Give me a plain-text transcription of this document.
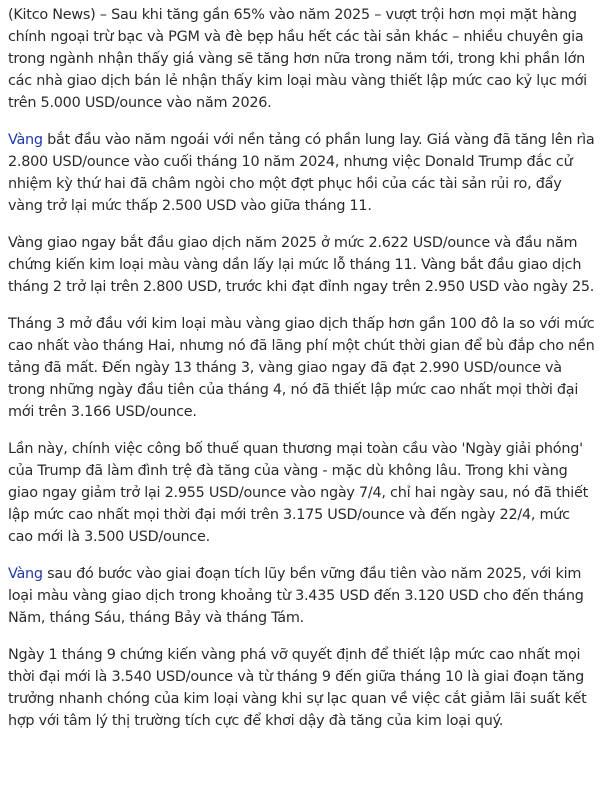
(Kitco News) – Sau khi tăng gần 65% vào năm 2025 – vượt trội hơn mọi mặt hàng chính ngoại trừ bạc và PGM và đè bẹp hầu hết các tài sản khác – nhiều chuyên gia trong ngành nhận thấy giá vàng sẽ tăng hơn nữa trong năm tới, trong khi phần lớn các nhà giao dịch bán lẻ nhận thấy kim loại màu vàng thiết lập mức cao kỷ lục mới trên 5.000 USD/ounce vào năm 2026.

Vàng bắt đầu vào năm ngoái với nền tảng có phần lung lay. Giá vàng đã tăng lên rìa 2.800 USD/ounce vào cuối tháng 10 năm 2024, nhưng việc Donald Trump đắc cử nhiệm kỳ thứ hai đã châm ngòi cho một đợt phục hồi của các tài sản rủi ro, đẩy vàng trở lại mức thấp 2.500 USD vào giữa tháng 11.

Vàng giao ngay bắt đầu giao dịch năm 2025 ở mức 2.622 USD/ounce và đầu năm chứng kiến kim loại màu vàng dần lấy lại mức lỗ tháng 11. Vàng bắt đầu giao dịch tháng 2 trở lại trên 2.800 USD, trước khi đạt đỉnh ngay trên 2.950 USD vào ngày 25.

Tháng 3 mở đầu với kim loại màu vàng giao dịch thấp hơn gần 100 đô la so với mức cao nhất vào tháng Hai, nhưng nó đã lãng phí một chút thời gian để bù đắp cho nền tảng đã mất. Đến ngày 13 tháng 3, vàng giao ngay đã đạt 2.990 USD/ounce và trong những ngày đầu tiên của tháng 4, nó đã thiết lập mức cao nhất mọi thời đại mới trên 3.166 USD/ounce.

Lần này, chính việc công bố thuế quan thương mại toàn cầu vào 'Ngày giải phóng' của Trump đã làm đình trệ đà tăng của vàng - mặc dù không lâu. Trong khi vàng giao ngay giảm trở lại 2.955 USD/ounce vào ngày 7/4, chỉ hai ngày sau, nó đã thiết lập mức cao nhất mọi thời đại mới trên 3.175 USD/ounce và đến ngày 22/4, mức cao mới là 3.500 USD/ounce.

Vàng sau đó bước vào giai đoạn tích lũy bền vững đầu tiên vào năm 2025, với kim loại màu vàng giao dịch trong khoảng từ 3.435 USD đến 3.120 USD cho đến tháng Năm, tháng Sáu, tháng Bảy và tháng Tám.

Ngày 1 tháng 9 chứng kiến vàng phá vỡ quyết định để thiết lập mức cao nhất mọi thời đại mới là 3.540 USD/ounce và từ tháng 9 đến giữa tháng 10 là giai đoạn tăng trưởng nhanh chóng của kim loại vàng khi sự lạc quan về việc cắt giảm lãi suất kết hợp với tâm lý thị trường tích cực để khơi dậy đà tăng của kim loại quý.
